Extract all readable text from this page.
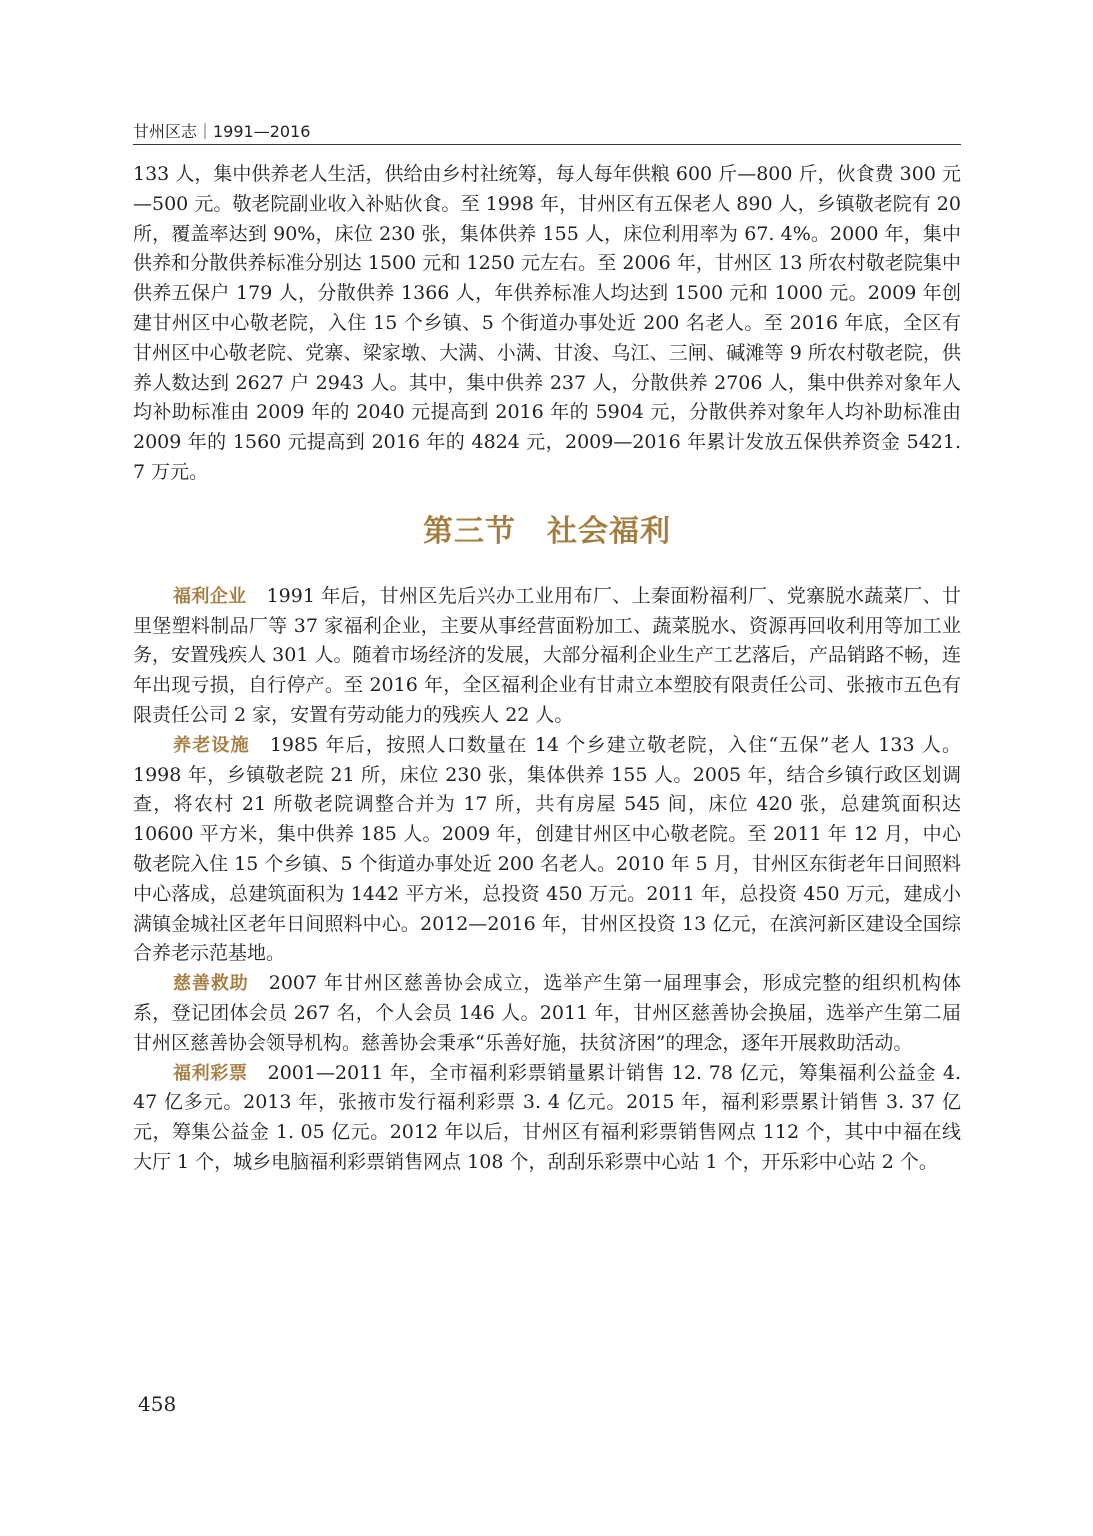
甘州区志｜1991—2016

133 人，集中供养老人生活，供给由乡村社统筹，每人每年供粮 600 斤—800 斤，伙食费 300 元—500 元。敬老院副业收入补贴伙食。至 1998 年，甘州区有五保老人 890 人，乡镇敬老院有 20 所，覆盖率达到 90%，床位 230 张，集体供养 155 人，床位利用率为 67. 4%。2000 年，集中供养和分散供养标准分别达 1500 元和 1250 元左右。至 2006 年，甘州区 13 所农村敬老院集中供养五保户 179 人，分散供养 1366 人，年供养标准人均达到 1500 元和 1000 元。2009 年创建甘州区中心敬老院，入住 15 个乡镇、5 个街道办事处近 200 名老人。至 2016 年底，全区有甘州区中心敬老院、党寨、梁家墩、大满、小满、甘浚、乌江、三闸、碱滩等 9 所农村敬老院，供养人数达到 2627 户 2943 人。其中，集中供养 237 人，分散供养 2706 人，集中供养对象年人均补助标准由 2009 年的 2040 元提高到 2016 年的 5904 元，分散供养对象年人均补助标准由 2009 年的 1560 元提高到 2016 年的 4824 元，2009—2016 年累计发放五保供养资金 5421. 7 万元。

第三节　社会福利

福利企业 1991 年后，甘州区先后兴办工业用布厂、上秦面粉福利厂、党寨脱水蔬菜厂、廿里堡塑料制品厂等 37 家福利企业，主要从事经营面粉加工、蔬菜脱水、资源再回收利用等加工业务，安置残疾人 301 人。随着市场经济的发展，大部分福利企业生产工艺落后，产品销路不畅，连年出现亏损，自行停产。至 2016 年，全区福利企业有甘肃立本塑胶有限责任公司、张掖市五色有限责任公司 2 家，安置有劳动能力的残疾人 22 人。

养老设施 1985 年后，按照人口数量在 14 个乡建立敬老院，入住“五保”老人 133 人。1998 年，乡镇敬老院 21 所，床位 230 张，集体供养 155 人。2005 年，结合乡镇行政区划调查，将农村 21 所敬老院调整合并为 17 所，共有房屋 545 间，床位 420 张，总建筑面积达 10600 平方米，集中供养 185 人。2009 年，创建甘州区中心敬老院。至 2011 年 12 月，中心敬老院入住 15 个乡镇、5 个街道办事处近 200 名老人。2010 年 5 月，甘州区东街老年日间照料中心落成，总建筑面积为 1442 平方米，总投资 450 万元。2011 年，总投资 450 万元，建成小满镇金城社区老年日间照料中心。2012—2016 年，甘州区投资 13 亿元，在滨河新区建设全国综合养老示范基地。

慈善救助 2007 年甘州区慈善协会成立，选举产生第一届理事会，形成完整的组织机构体系，登记团体会员 267 名，个人会员 146 人。2011 年，甘州区慈善协会换届，选举产生第二届甘州区慈善协会领导机构。慈善协会秉承“乐善好施，扶贫济困”的理念，逐年开展救助活动。

福利彩票 2001—2011 年，全市福利彩票销量累计销售 12. 78 亿元，筹集福利公益金 4. 47 亿多元。2013 年，张掖市发行福利彩票 3. 4 亿元。2015 年，福利彩票累计销售 3. 37 亿元，筹集公益金 1. 05 亿元。2012 年以后，甘州区有福利彩票销售网点 112 个，其中中福在线大厅 1 个，城乡电脑福利彩票销售网点 108 个，刮刮乐彩票中心站 1 个，开乐彩中心站 2 个。

458
